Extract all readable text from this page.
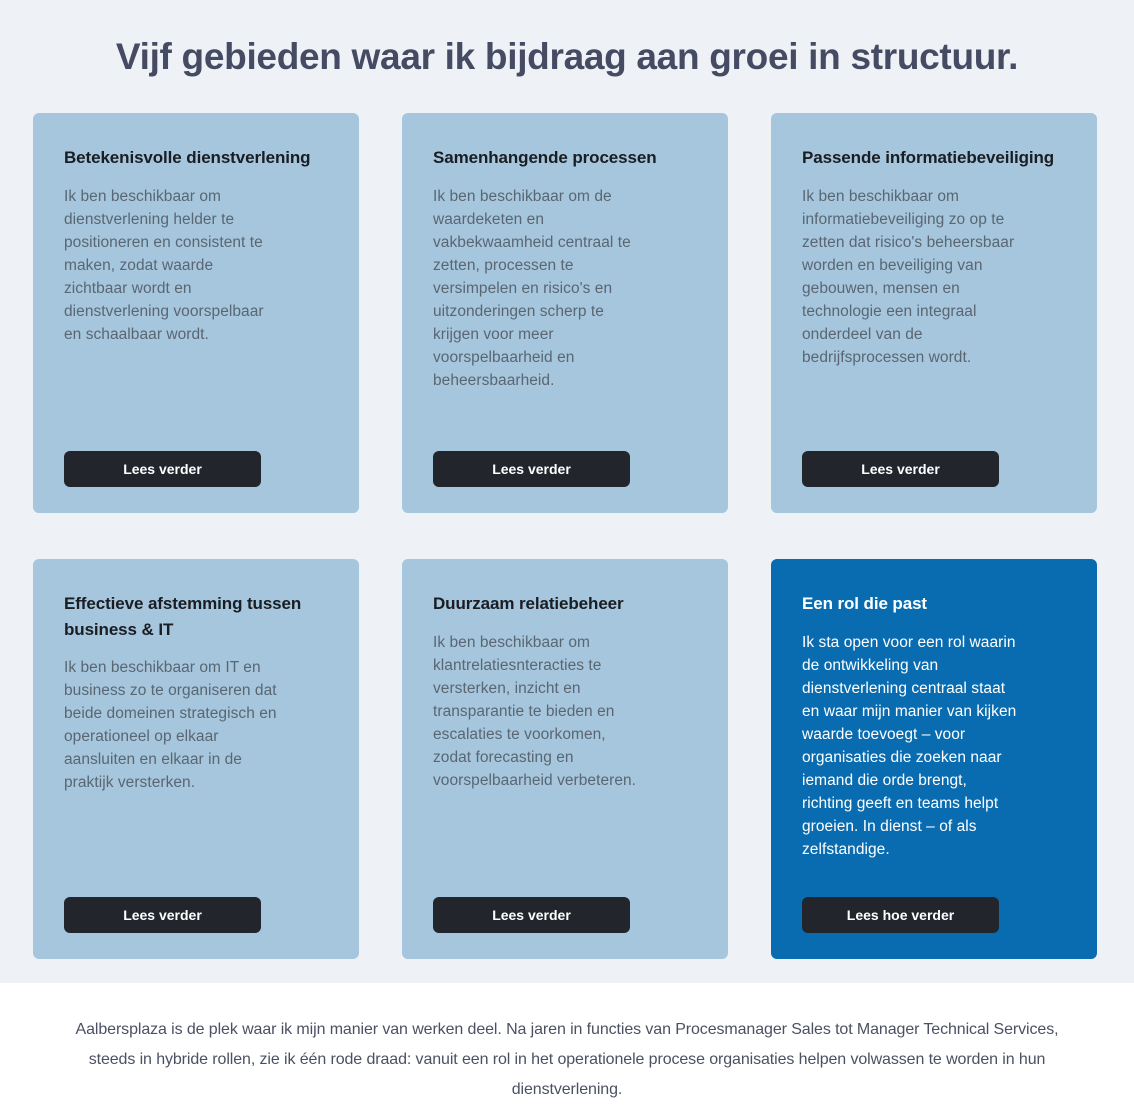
Vijf gebieden waar ik bijdraag aan groei in structuur.
Betekenisvolle dienstverlening
Ik ben beschikbaar om dienstverlening helder te positioneren en consistent te maken, zodat waarde zichtbaar wordt en dienstverlening voorspelbaar en schaalbaar wordt.
Lees verder
Samenhangende processen
Ik ben beschikbaar om de waardeketen en vakbekwaamheid centraal te zetten, processen te versimpelen en risico's en uitzonderingen scherp te krijgen voor meer voorspelbaarheid en beheersbaarheid.
Lees verder
Passende informatiebeveiliging
Ik ben beschikbaar om informatiebeveiliging zo op te zetten dat risico's beheersbaar worden en beveiliging van gebouwen, mensen en technologie een integraal onderdeel van de bedrijfsprocessen wordt.
Lees verder
Effectieve afstemming tussen business & IT
Ik ben beschikbaar om IT en business zo te organiseren dat beide domeinen strategisch en operationeel op elkaar aansluiten en elkaar in de praktijk versterken.
Lees verder
Duurzaam relatiebeheer
Ik ben beschikbaar om klantrelatiesnteracties te versterken, inzicht en transparantie te bieden en escalaties te voorkomen, zodat forecasting en voorspelbaarheid verbeteren.
Lees verder
Een rol die past
Ik sta open voor een rol waarin de ontwikkeling van dienstverlening centraal staat en waar mijn manier van kijken waarde toevoegt – voor organisaties die zoeken naar iemand die orde brengt, richting geeft en teams helpt groeien. In dienst – of als zelfstandige.
Lees hoe verder

Aalbersplaza is de plek waar ik mijn manier van werken deel. Na jaren in functies van Procesmanager Sales tot Manager Technical Services, steeds in hybride rollen, zie ik één rode draad: vanuit een rol in het operationele procese organisaties helpen volwassen te worden in hun dienstverlening.
